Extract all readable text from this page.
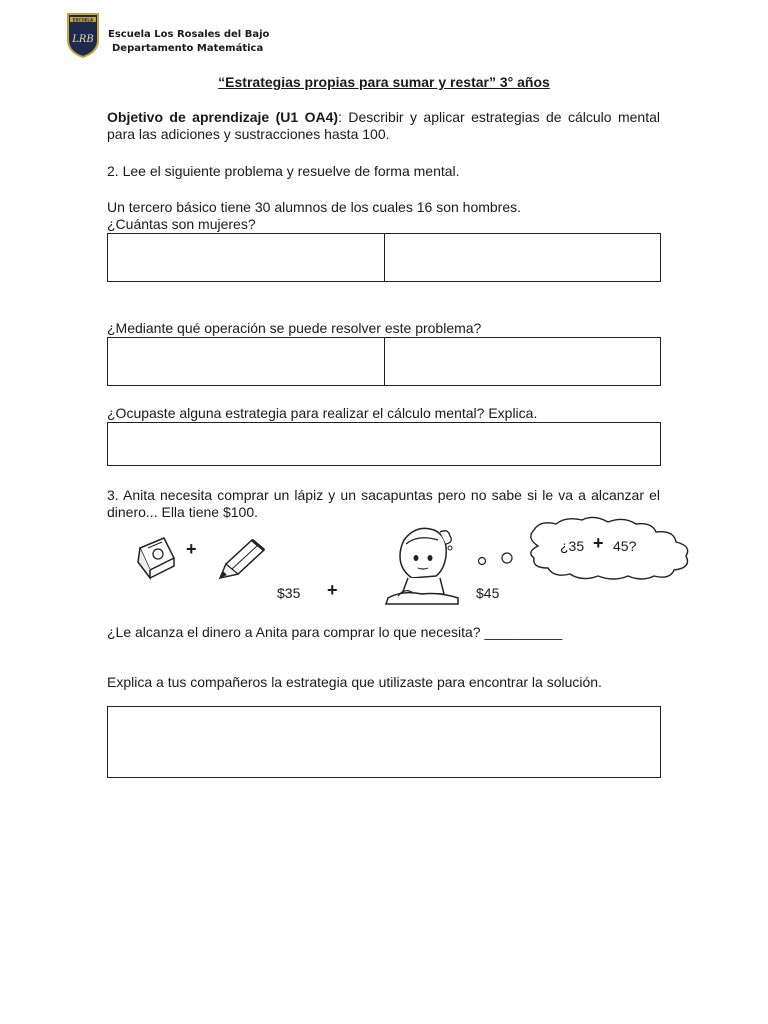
ESCUELA
LRB Escuela Los Rosales del Bajo
Departamento Matemática
“Estrategias propias para sumar y restar” 3° años
Objetivo de aprendizaje (U1 OA4): Describir y aplicar estrategias de cálculo mental para las adiciones y sustracciones hasta 100.
2. Lee el siguiente problema y resuelve de forma mental.
Un tercero básico tiene 30 alumnos de los cuales 16 son hombres.
¿Cuántas son mujeres?
¿Mediante qué operación se puede resolver este problema?
¿Ocupaste alguna estrategia para realizar el cálculo mental? Explica.
3. Anita necesita comprar un lápiz y un sacapuntas pero no sabe si le va a alcanzar el dinero... Ella tiene $100.
+
$35 +	$45
¿35 + 45?
¿Le alcanza el dinero a Anita para comprar lo que necesita? __________
Explica a tus compañeros la estrategia que utilizaste para encontrar la solución.
